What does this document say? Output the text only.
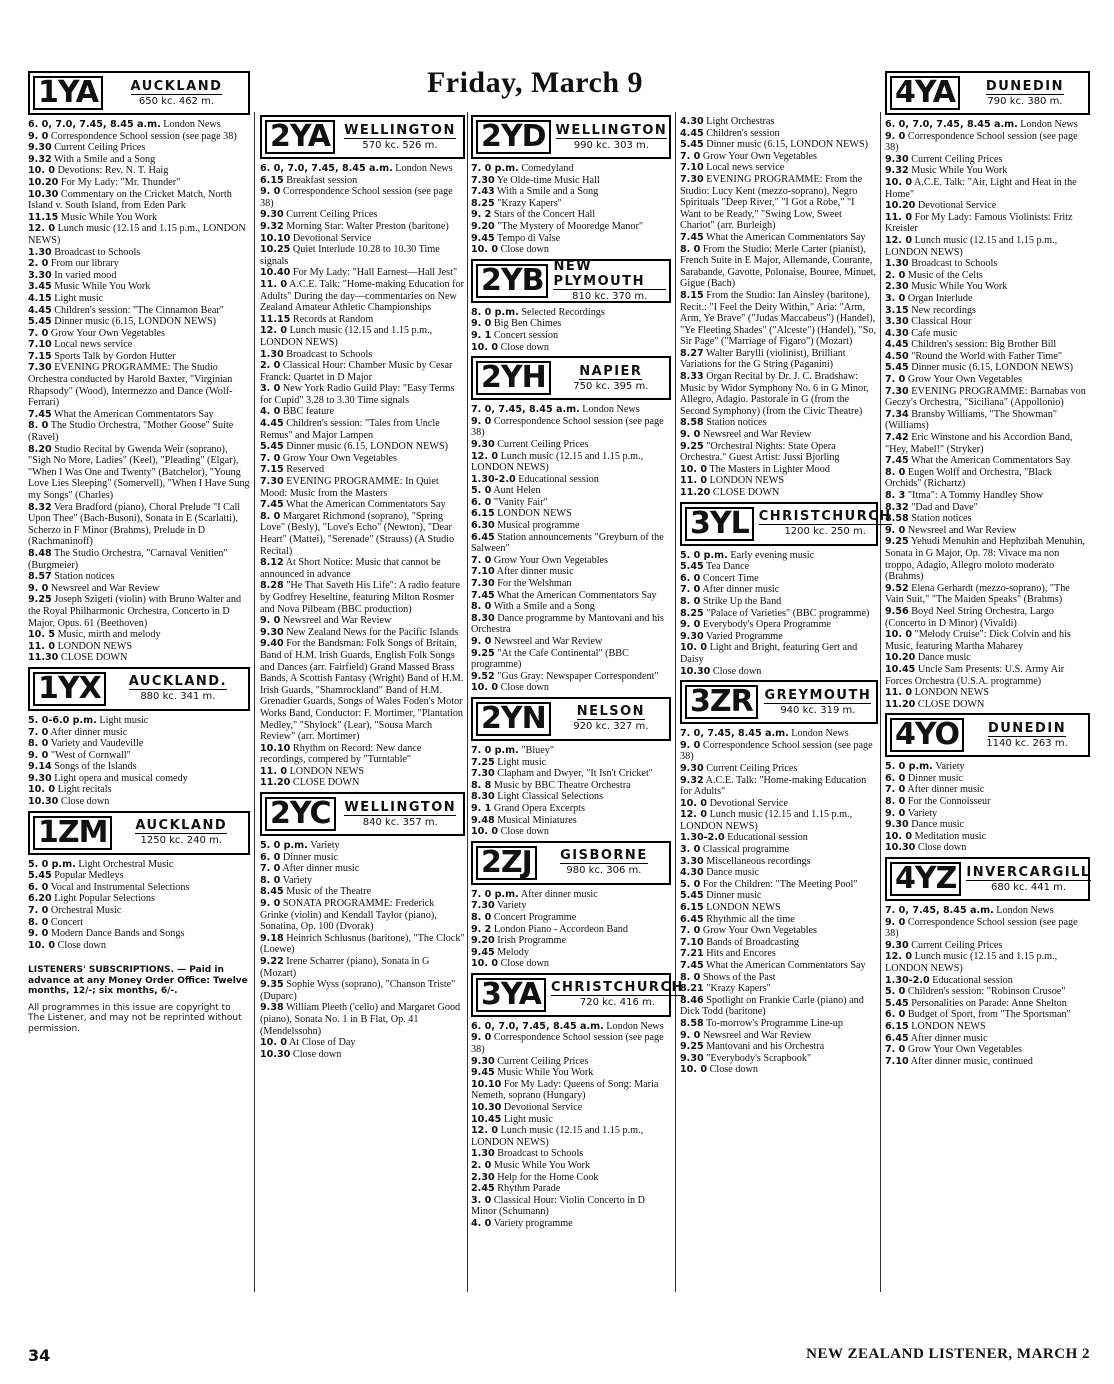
Friday, March 9
1YA	AUCKLAND
650 kc. 462 m.

6. 0, 7.0, 7.45, 8.45 a.m. London News

9. 0 Correspondence School session (see page 38)

9.30 Current Ceiling Prices

9.32 With a Smile and a Song

10. 0 Devotions: Rev. N. T. Haig

10.20 For My Lady: "Mr. Thunder"

10.30 Commentary on the Cricket Match, North Island v. South Island, from Eden Park

11.15 Music While You Work

12. 0 Lunch music (12.15 and 1.15 p.m., LONDON NEWS)

1.30 Broadcast to Schools

2. 0 From our library

3.30 In varied mood

3.45 Music While You Work

4.15 Light music

4.45 Children's session: "The Cinnamon Bear"

5.45 Dinner music (6.15, LONDON NEWS)

7. 0 Grow Your Own Vegetables

7.10 Local news service

7.15 Sports Talk by Gordon Hutter

7.30 EVENING PROGRAMME: The Studio Orchestra conducted by Harold Baxter, "Virginian Rhapsody" (Wood), Intermezzo and Dance (Wolf-Ferrari)

7.45 What the American Commentators Say

8. 0 The Studio Orchestra, "Mother Goose" Suite (Ravel)

8.20 Studio Recital by Gwenda Weir (soprano), "Sigh No More, Ladies" (Keel), "Pleading" (Elgar), "When I Was One and Twenty" (Batchelor), "Young Love Lies Sleeping" (Somervell), "When I Have Sung my Songs" (Charles)

8.32 Vera Bradford (piano), Choral Prelude "I Call Upon Thee" (Bach-Busoni), Sonata in E (Scarlatti), Scherzo in F Minor (Brahms), Prelude in D (Rachmaninoff)

8.48 The Studio Orchestra, "Carnaval Venitien" (Burgmeier)

8.57 Station notices

9. 0 Newsreel and War Review

9.25 Joseph Szigeti (violin) with Bruno Walter and the Royal Philharmonic Orchestra, Concerto in D Major, Opus. 61 (Beethoven)

10. 5 Music, mirth and melody

11. 0 LONDON NEWS

11.30 CLOSE DOWN

1YX	AUCKLAND.
880 kc. 341 m.

5. 0-6.0 p.m. Light music

7. 0 After dinner music

8. 0 Variety and Vaudeville

9. 0 "West of Cornwall"

9.14 Songs of the Islands

9.30 Light opera and musical comedy

10. 0 Light recitals

10.30 Close down

1ZM	AUCKLAND
1250 kc. 240 m.

5. 0 p.m. Light Orchestral Music

5.45 Popular Medleys

6. 0 Vocal and Instrumental Selections

6.20 Light Popular Selections

7. 0 Orchestral Music

8. 0 Concert

9. 0 Modern Dance Bands and Songs

10. 0 Close down

LISTENERS' SUBSCRIPTIONS. — Paid in advance at any Money Order Office: Twelve months, 12/-; six months, 6/-.
All programmes in this issue are copyright to The Listener, and may not be reprinted without permission.
2YA	WELLINGTON
570 kc. 526 m.

6. 0, 7.0, 7.45, 8.45 a.m. London News

6.15 Breakfast session

9. 0 Correspondence School session (see page 38)

9.30 Current Ceiling Prices

9.32 Morning Star: Walter Preston (baritone)

10.10 Devotional Service

10.25 Quiet Interlude 10.28 to 10.30 Time signals

10.40 For My Lady: "Hall Earnest—Hall Jest"

11. 0 A.C.E. Talk: "Home-making Education for Adults" During the day—commentaries on New Zealand Amateur Athletic Championships

11.15 Records at Random

12. 0 Lunch music (12.15 and 1.15 p.m., LONDON NEWS)

1.30 Broadcast to Schools

2. 0 Classical Hour: Chamber Music by Cesar Franck: Quartet in D Major

3. 0 New York Radio Guild Play: "Easy Terms for Cupid" 3.28 to 3.30 Time signals

4. 0 BBC feature

4.45 Children's session: "Tales from Uncle Remus" and Major Lampen

5.45 Dinner music (6.15, LONDON NEWS)

7. 0 Grow Your Own Vegetables

7.15 Reserved

7.30 EVENING PROGRAMME: In Quiet Mood: Music from the Masters

7.45 What the American Commentators Say

8. 0 Margaret Richmond (soprano), "Spring Love" (Besly), "Love's Echo" (Newton), "Dear Heart" (Mattei), "Serenade" (Strauss) (A Studio Recital)

8.12 At Short Notice: Music that cannot be announced in advance

8.28 "He That Saveth His Life": A radio feature by Godfrey Heseltine, featuring Milton Rosmer and Nova Pilbeam (BBC production)

9. 0 Newsreel and War Review

9.30 New Zealand News for the Pacific Islands

9.40 For the Bandsman: Folk Songs of Britain, Band of H.M. Irish Guards, English Folk Songs and Dances (arr. Fairfield) Grand Massed Brass Bands, A Scottish Fantasy (Wright) Band of H.M. Irish Guards, "Shamrockland" Band of H.M. Grenadier Guards, Songs of Wales Foden's Motor Works Band, Conductor: F. Mortimer, "Plantation Medley," "Shylock" (Lear), "Sousa March Review" (arr. Mortimer)

10.10 Rhythm on Record: New dance recordings, compered by "Turntable"

11. 0 LONDON NEWS

11.20 CLOSE DOWN

2YC	WELLINGTON
840 kc. 357 m.

5. 0 p.m. Variety

6. 0 Dinner music

7. 0 After dinner music

8. 0 Variety

8.45 Music of the Theatre

9. 0 SONATA PROGRAMME: Frederick Grinke (violin) and Kendall Taylor (piano), Sonatina, Op. 100 (Dvorak)

9.18 Heinrich Schlusnus (baritone), "The Clock" (Loewe)

9.22 Irene Scharrer (piano), Sonata in G (Mozart)

9.35 Sophie Wyss (soprano), "Chanson Triste" (Duparc)

9.38 William Pleeth ('cello) and Margaret Good (piano), Sonata No. 1 in B Flat, Op. 41 (Mendelssohn)

10. 0 At Close of Day

10.30 Close down

2YD WELLINGTON
990 kc. 303 m.

7. 0 p.m. Comedyland

7.30 Ye Olde-time Music Hall

7.43 With a Smile and a Song

8.25 "Krazy Kapers"

9. 2 Stars of the Concert Hall

9.20 "The Mystery of Mooredge Manor"

9.45 Tempo di Valse

10. 0 Close down

2YB NEW PLYMOUTH
810 kc. 370 m.

8. 0 p.m. Selected Recordings

9. 0 Big Ben Chimes

9. 1 Concert session

10. 0 Close down

2YH	NAPIER
750 kc. 395 m.

7. 0, 7.45, 8.45 a.m. London News

9. 0 Correspondence School session (see page 38)

9.30 Current Ceiling Prices

12. 0 Lunch music (12.15 and 1.15 p.m., LONDON NEWS)

1.30-2.0 Educational session

5. 0 Aunt Helen

6. 0 "Vanity Fair"

6.15 LONDON NEWS

6.30 Musical programme

6.45 Station announcements "Greyburn of the Salween"

7. 0 Grow Your Own Vegetables

7.10 After dinner music

7.30 For the Welshman

7.45 What the American Commentators Say

8. 0 With a Smile and a Song

8.30 Dance programme by Mantovani and his Orchestra

9. 0 Newsreel and War Review

9.25 "At the Cafe Continental" (BBC programme)

9.52 "Gus Gray: Newspaper Correspondent"

10. 0 Close down

2YN	NELSON
920 kc. 327 m.

7. 0 p.m. "Bluey"

7.25 Light music

7.30 Clapham and Dwyer, "It Isn't Cricket"

8. 8 Music by BBC Theatre Orchestra

8.30 Light Classical Selections

9. 1 Grand Opera Excerpts

9.48 Musical Miniatures

10. 0 Close down

2ZJ	GISBORNE
980 kc. 306 m.

7. 0 p.m. After dinner music

7.30 Variety

8. 0 Concert Programme

9. 2 London Piano - Accordeon Band

9.20 Irish Programme

9.45 Melody

10. 0 Close down

3YA CHRISTCHURCH
720 kc. 416 m.

6. 0, 7.0, 7.45, 8.45 a.m. London News

9. 0 Correspondence School session (see page 38)

9.30 Current Ceiling Prices

9.45 Music While You Work

10.10 For My Lady: Queens of Song: Maria Nemeth, soprano (Hungary)

10.30 Devotional Service

10.45 Light music

12. 0 Lunch music (12.15 and 1.15 p.m., LONDON NEWS)

1.30 Broadcast to Schools

2. 0 Music While You Work

2.30 Help for the Home Cook

2.45 Rhythm Parade

3. 0 Classical Hour: Violin Concerto in D Minor (Schumann)

4. 0 Variety programme

4.30 Light Orchestras

4.45 Children's session

5.45 Dinner music (6.15, LONDON NEWS)

7. 0 Grow Your Own Vegetables

7.10 Local news service

7.30 EVENING PROGRAMME: From the Studio: Lucy Kent (mezzo-soprano), Negro Spirituals "Deep River," "I Got a Robe," "I Want to be Ready," "Swing Low, Sweet Chariot" (arr. Burleigh)

7.45 What the American Commentators Say

8. 0 From the Studio: Merle Carter (pianist), French Suite in E Major, Allemande, Courante, Sarabande, Gavotte, Polonaise, Bouree, Minuet, Gigue (Bach)

8.15 From the Studio: Ian Ainsley (baritone), Recit.: "I Feel the Deity Within," Aria: "Arm, Arm, Ye Brave" ("Judas Maccabeus") (Handel), "Ye Fleeting Shades" ("Alceste") (Handel), "So, Sir Page" ("Marriage of Figaro") (Mozart)

8.27 Walter Barylli (violinist), Brilliant Variations for the G String (Paganini)

8.33 Organ Recital by Dr. J. C. Bradshaw: Music by Widor Symphony No. 6 in G Minor, Allegro, Adagio. Pastorale in G (from the Second Symphony) (from the Civic Theatre)

8.58 Station notices

9. 0 Newsreel and War Review

9.25 "Orchestral Nights: State Opera Orchestra." Guest Artist: Jussi Bjorling

10. 0 The Masters in Lighter Mood

11. 0 LONDON NEWS

11.20 CLOSE DOWN

3YL CHRISTCHURCH
1200 kc. 250 m.

5. 0 p.m. Early evening music

5.45 Tea Dance

6. 0 Concert Time

7. 0 After dinner music

8. 0 Strike Up the Band

8.25 "Palace of Varieties" (BBC programme)

9. 0 Everybody's Opera Programme

9.30 Varied Programme

10. 0 Light and Bright, featuring Gert and Daisy

10.30 Close down

3ZR GREYMOUTH
940 kc. 319 m.

7. 0, 7.45, 8.45 a.m. London News

9. 0 Correspondence School session (see page 38)

9.30 Current Ceiling Prices

9.32 A.C.E. Talk: "Home-making Education for Adults"

10. 0 Devotional Service

12. 0 Lunch music (12.15 and 1.15 p.m., LONDON NEWS)

1.30-2.0 Educational session

3. 0 Classical programme

3.30 Miscellaneous recordings

4.30 Dance music

5. 0 For the Children: "The Meeting Pool"

5.45 Dinner music

6.15 LONDON NEWS

6.45 Rhythmic all the time

7. 0 Grow Your Own Vegetables

7.10 Bands of Broadcasting

7.21 Hits and Encores

7.45 What the American Commentators Say

8. 0 Shows of the Past

8.21 "Krazy Kapers"

8.46 Spotlight on Frankie Carle (piano) and Dick Todd (baritone)

8.58 To-morrow's Programme Line-up

9. 0 Newsreel and War Review

9.25 Mantovani and his Orchestra

9.30 "Everybody's Scrapbook"

10. 0 Close down

4YA	DUNEDIN
790 kc. 380 m.

6. 0, 7.0, 7.45, 8.45 a.m. London News

9. 0 Correspondence School session (see page 38)

9.30 Current Ceiling Prices

9.32 Music While You Work

10. 0 A.C.E. Talk: "Air, Light and Heat in the Home"

10.20 Devotional Service

11. 0 For My Lady: Famous Violinists: Fritz Kreisler

12. 0 Lunch music (12.15 and 1.15 p.m., LONDON NEWS)

1.30 Broadcast to Schools

2. 0 Music of the Celts

2.30 Music While You Work

3. 0 Organ Interlude

3.15 New recordings

3.30 Classical Hour

4.30 Cafe music

4.45 Children's session: Big Brother Bill

4.50 "Round the World with Father Time"

5.45 Dinner music (6.15, LONDON NEWS)

7. 0 Grow Your Own Vegetables

7.30 EVENING PROGRAMME: Barnabas von Geczy's Orchestra, "Siciliana" (Appollonio)

7.34 Bransby Williams, "The Showman" (Williams)

7.42 Eric Winstone and his Accordion Band, "Hey, Mabel!" (Stryker)

7.45 What the American Commentators Say

8. 0 Eugen Wolff and Orchestra, "Black Orchids" (Richartz)

8. 3 "Itma": A Tommy Handley Show

8.32 "Dad and Dave"

8.58 Station notices

9. 0 Newsreel and War Review

9.25 Yehudi Menuhin and Hephzibah Menuhin, Sonata in G Major, Op. 78: Vivace ma non troppo, Adagio, Allegro moloto moderato (Brahms)

9.52 Elena Gerhardt (mezzo-soprano), "The Vain Suit," "The Maiden Speaks" (Brahms)

9.56 Boyd Neel String Orchestra, Largo (Concerto in D Minor) (Vivaldi)

10. 0 "Melody Cruise": Dick Colvin and his Music, featuring Martha Maharey

10.20 Dance music

10.45 Uncle Sam Presents: U.S. Army Air Forces Orchestra (U.S.A. programme)

11. 0 LONDON NEWS

11.20 CLOSE DOWN

4YO	DUNEDIN
1140 kc. 263 m.

5. 0 p.m. Variety

6. 0 Dinner music

7. 0 After dinner music

8. 0 For the Connoisseur

9. 0 Variety

9.30 Dance music

10. 0 Meditation music

10.30 Close down

4YZ INVERCARGILL
680 kc. 441 m.

7. 0, 7.45, 8.45 a.m. London News

9. 0 Correspondence School session (see page 38)

9.30 Current Ceiling Prices

12. 0 Lunch music (12.15 and 1.15 p.m., LONDON NEWS)

1.30-2.0 Educational session

5. 0 Children's session: "Robinson Crusoe"

5.45 Personalities on Parade: Anne Shelton

6. 0 Budget of Sport, from "The Sportsman"

6.15 LONDON NEWS

6.45 After dinner music

7. 0 Grow Your Own Vegetables

7.10 After dinner music, continued

34	NEW ZEALAND LISTENER, MARCH 2
